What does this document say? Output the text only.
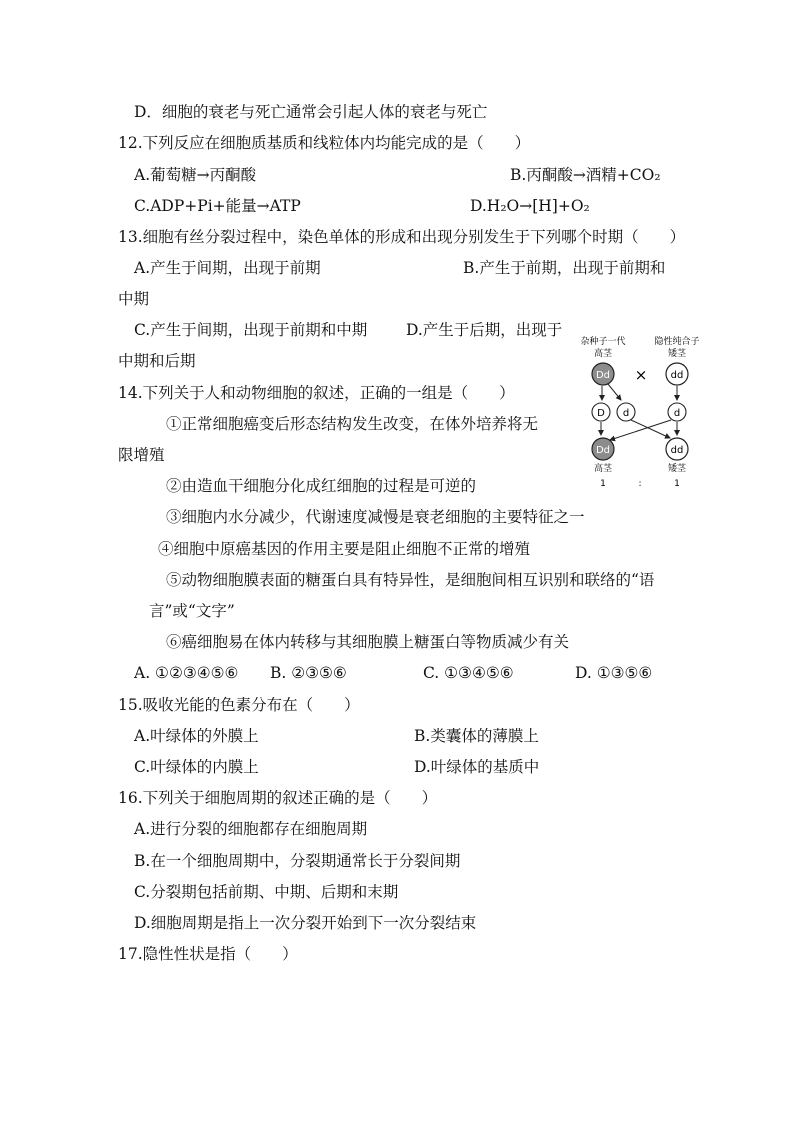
D．细胞的衰老与死亡通常会引起人体的衰老与死亡
12.下列反应在细胞质基质和线粒体内均能完成的是（　　）
A.葡萄糖→丙酮酸	B.丙酮酸→酒精+CO₂
C.ADP+Pi+能量→ATP	D.H₂O→[H]+O₂
13.细胞有丝分裂过程中，染色单体的形成和出现分别发生于下列哪个时期（　　）
A.产生于间期，出现于前期	B.产生于前期，出现于前期和
中期
C.产生于间期，出现于前期和中期	D.产生于后期，出现于
中期和后期
14.下列关于人和动物细胞的叙述，正确的一组是（　　）
①正常细胞癌变后形态结构发生改变，在体外培养将无
限增殖
②由造血干细胞分化成红细胞的过程是可逆的
③细胞内水分减少，代谢速度减慢是衰老细胞的主要特征之一
④细胞中原癌基因的作用主要是阻止细胞不正常的增殖
⑤动物细胞膜表面的糖蛋白具有特异性，是细胞间相互识别和联络的“语
言”或“文字”
⑥癌细胞易在体内转移与其细胞膜上糖蛋白等物质减少有关
A. ①②③④⑤⑥ B. ②③⑤⑥	C. ①③④⑤⑥	D. ①③⑤⑥
15.吸收光能的色素分布在（　　）
A.叶绿体的外膜上	B.类囊体的薄膜上
C.叶绿体的内膜上	D.叶绿体的基质中
16.下列关于细胞周期的叙述正确的是（　　）
A.进行分裂的细胞都存在细胞周期
B.在一个细胞周期中，分裂期通常长于分裂间期
C.分裂期包括前期、中期、后期和末期
D.细胞周期是指上一次分裂开始到下一次分裂结束
17.隐性性状是指（　　）
杂种子一代
高茎
隐性纯合子
矮茎
Dd × dd
D d	d
Dd	dd
高茎	矮茎
1	:	1
